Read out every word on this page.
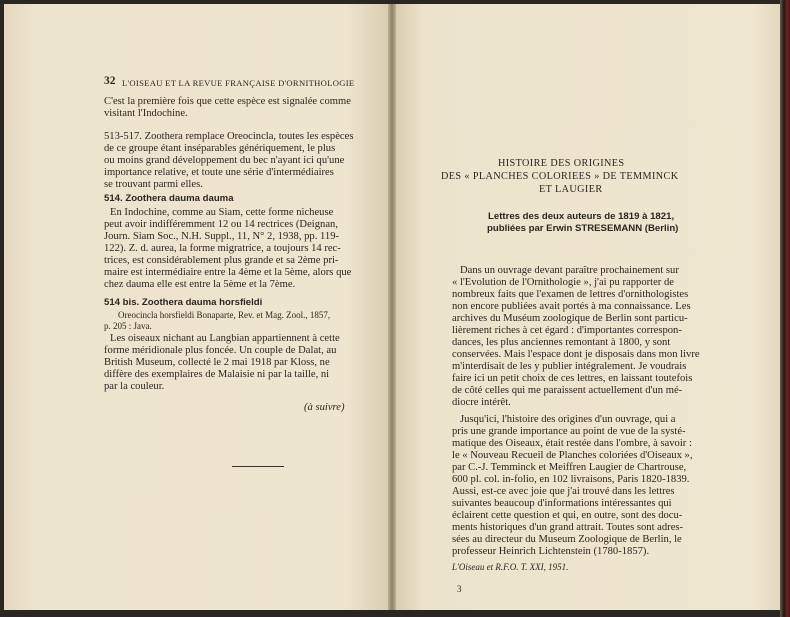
32 L'OISEAU ET LA REVUE FRANÇAISE D'ORNITHOLOGIE
C'est la première fois que cette espèce est signalée comme
visitant l'Indochine.
513-517. Zoothera remplace Oreocincla, toutes les espèces
de ce groupe étant inséparables génériquement, le plus
ou moins grand développement du bec n'ayant ici qu'une
importance relative, et toute une série d'intermédiaires
se trouvant parmi elles.
514. Zoothera dauma dauma
En Indochine, comme au Siam, cette forme nicheuse
peut avoir indifféremment 12 ou 14 rectrices (Deignan,
Journ. Siam Soc., N.H. Suppl., 11, N° 2, 1938, pp. 119-
122). Z. d. aurea, la forme migratrice, a toujours 14 rec-
trices, est considérablement plus grande et sa 2ème pri-
maire est intermédiaire entre la 4ème et la 5ème, alors que
chez dauma elle est entre la 5ème et la 7ème.
514 bis. Zoothera dauma horsfieldi
Oreocincla horsfieldi Bonaparte, Rev. et Mag. Zool., 1857,
p. 205 : Java.
Les oiseaux nichant au Langbian appartiennent à cette
forme méridionale plus foncée. Un couple de Dalat, au
British Museum, collecté le 2 mai 1918 par Kloss, ne
diffère des exemplaires de Malaisie ni par la taille, ni
par la couleur.
(à suivre)
HISTOIRE DES ORIGINES
DES « PLANCHES COLORIEES » DE TEMMINCK
ET LAUGIER
Lettres des deux auteurs de 1819 à 1821,
publiées par Erwin STRESEMANN (Berlin)
Dans un ouvrage devant paraître prochainement sur
« l'Evolution de l'Ornithologie », j'ai pu rapporter de
nombreux faits que l'examen de lettres d'ornithologistes
non encore publiées avait portés à ma connaissance. Les
archives du Muséum zoologique de Berlin sont particu-
lièrement riches à cet égard : d'importantes correspon-
dances, les plus anciennes remontant à 1800, y sont
conservées. Mais l'espace dont je disposais dans mon livre
m'interdisait de les y publier intégralement. Je voudrais
faire ici un petit choix de ces lettres, en laissant toutefois
de côté celles qui me paraissent actuellement d'un mé-
diocre intérêt.
Jusqu'ici, l'histoire des origines d'un ouvrage, qui a
pris une grande importance au point de vue de la systé-
matique des Oiseaux, était restée dans l'ombre, à savoir :
le « Nouveau Recueil de Planches coloriées d'Oiseaux »,
par C.-J. Temminck et Meiffren Laugier de Chartrouse,
600 pl. col. in-folio, en 102 livraisons, Paris 1820-1839.
Aussi, est-ce avec joie que j'ai trouvé dans les lettres
suivantes beaucoup d'informations intéressantes qui
éclairent cette question et qui, en outre, sont des docu-
ments historiques d'un grand attrait. Toutes sont adres-
sées au directeur du Museum Zoologique de Berlin, le
professeur Heinrich Lichtenstein (1780-1857).
L'Oiseau et R.F.O. T. XXI, 1951.
3
